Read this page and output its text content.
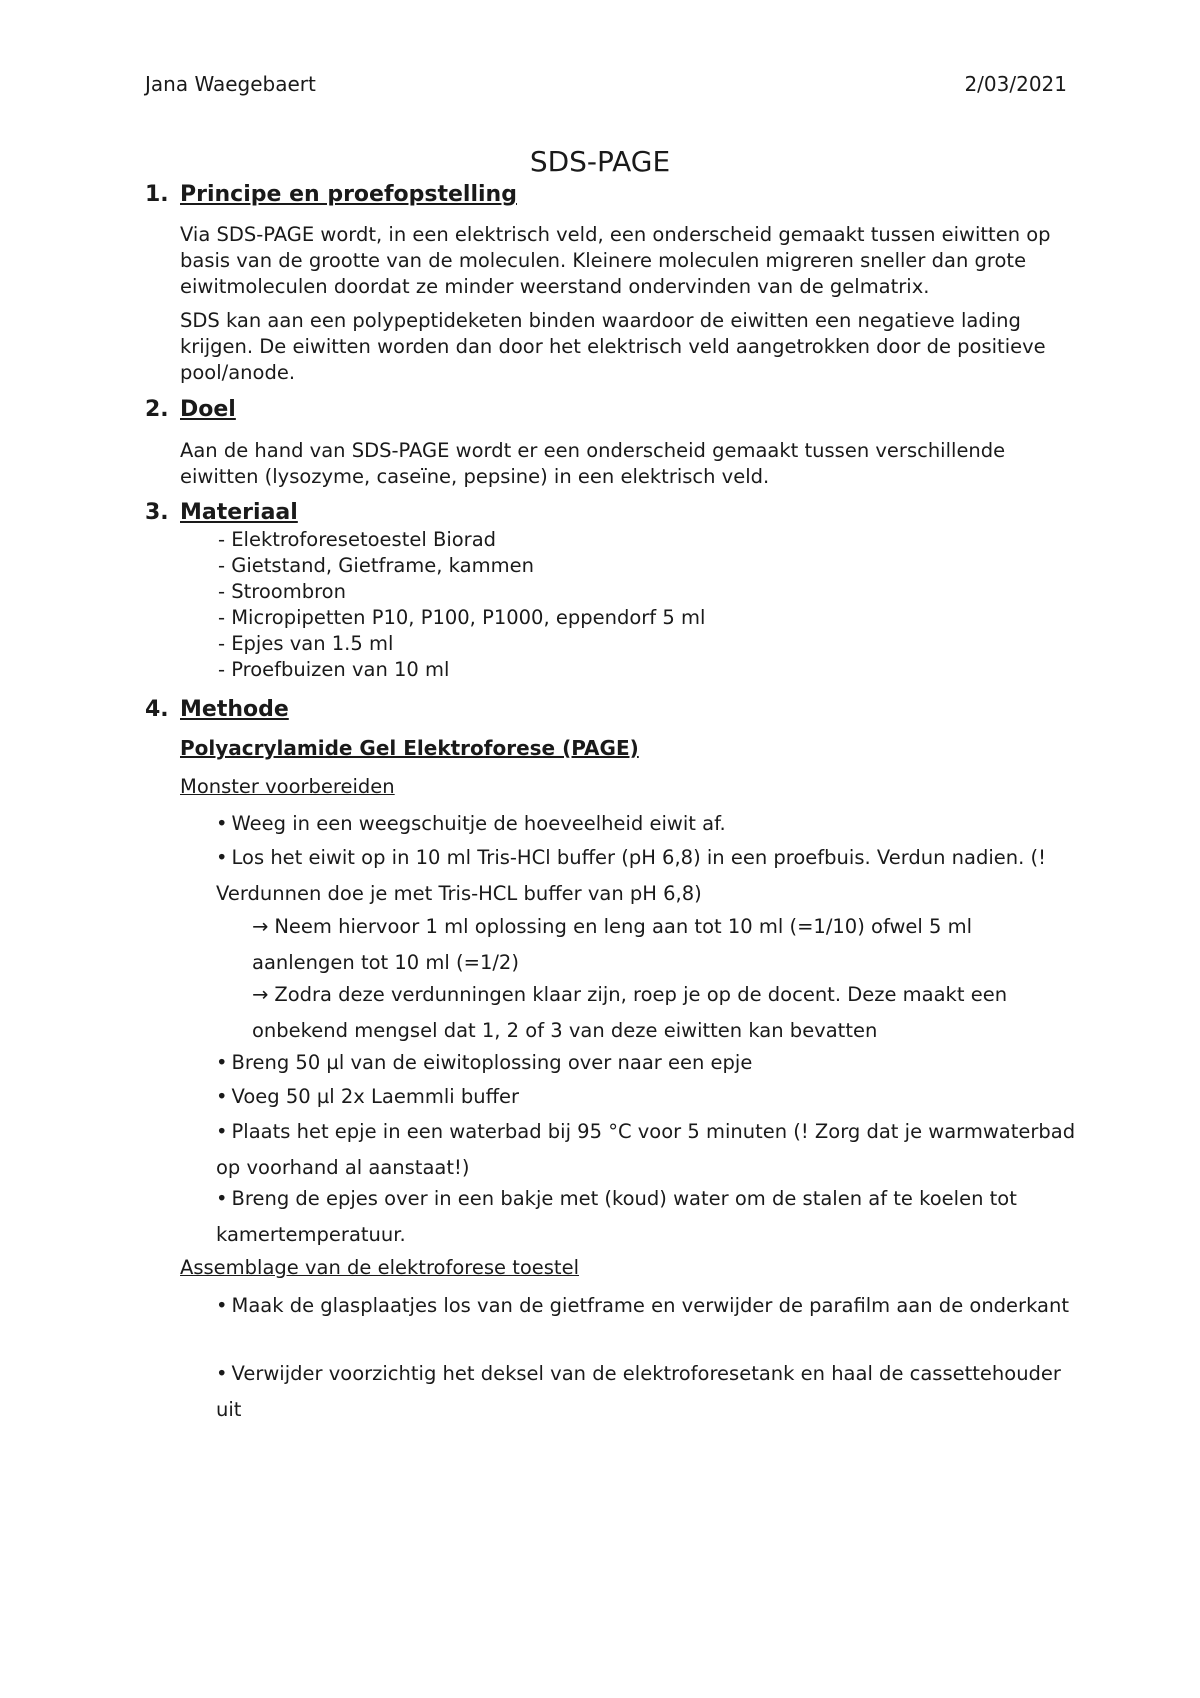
Jana Waegebaert	2/03/2021
SDS-PAGE
1. Principe en proefopstelling

Via SDS-PAGE wordt, in een elektrisch veld, een onderscheid gemaakt tussen eiwitten op basis van de grootte van de moleculen. Kleinere moleculen migreren sneller dan grote eiwitmoleculen doordat ze minder weerstand ondervinden van de gelmatrix.

SDS kan aan een polypeptideketen binden waardoor de eiwitten een negatieve lading krijgen. De eiwitten worden dan door het elektrisch veld aangetrokken door de positieve pool/anode.

2. Doel

Aan de hand van SDS-PAGE wordt er een onderscheid gemaakt tussen verschillende eiwitten (lysozyme, caseïne, pepsine) in een elektrisch veld.

3. Materiaal
- Elektroforesetoestel Biorad
- Gietstand, Gietframe, kammen
- Stroombron
- Micropipetten P10, P100, P1000, eppendorf 5 ml
- Epjes van 1.5 ml
- Proefbuizen van 10 ml
4. Methode
Polyacrylamide Gel Elektroforese (PAGE)
Monster voorbereiden

• Weeg in een weegschuitje de hoeveelheid eiwit af.

• Los het eiwit op in 10 ml Tris-HCl buffer (pH 6,8) in een proefbuis. Verdun nadien. (! Verdunnen doe je met Tris-HCL buffer van pH 6,8)

→ Neem hiervoor 1 ml oplossing en leng aan tot 10 ml (=1/10) ofwel 5 ml aanlengen tot 10 ml (=1/2)

→ Zodra deze verdunningen klaar zijn, roep je op de docent. Deze maakt een onbekend mengsel dat 1, 2 of 3 van deze eiwitten kan bevatten

• Breng 50 µl van de eiwitoplossing over naar een epje

• Voeg 50 µl 2x Laemmli buffer

• Plaats het epje in een waterbad bij 95 °C voor 5 minuten (! Zorg dat je warmwaterbad op voorhand al aanstaat!)

• Breng de epjes over in een bakje met (koud) water om de stalen af te koelen tot kamertemperatuur.

Assemblage van de elektroforese toestel

• Maak de glasplaatjes los van de gietframe en verwijder de parafilm aan de onderkant

• Verwijder voorzichtig het deksel van de elektroforesetank en haal de cassettehouder uit
